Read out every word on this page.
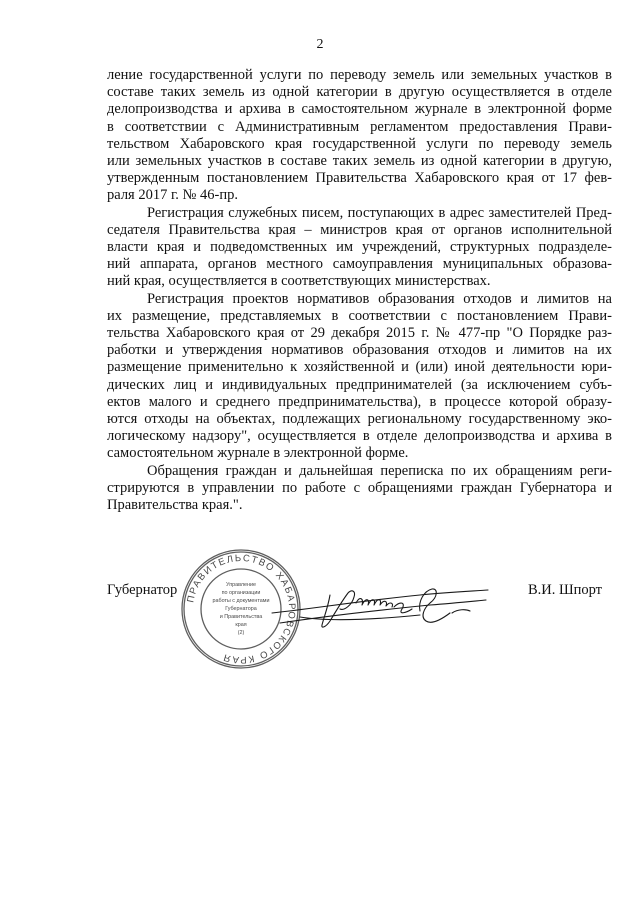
2
ление государственной услуги по переводу земель или земельных участков в
составе таких земель из одной категории в другую осуществляется в отделе
делопроизводства и архива в самостоятельном журнале в электронной форме
в соответствии с Административным регламентом предоставления Прави-
тельством Хабаровского края государственной услуги по переводу земель
или земельных участков в составе таких земель из одной категории в другую,
утвержденным постановлением Правительства Хабаровского края от 17 фев-
раля 2017 г. № 46-пр.
Регистрация служебных писем, поступающих в адрес заместителей Пред-
седателя Правительства края – министров края от органов исполнительной
власти края и подведомственных им учреждений, структурных подразделе-
ний аппарата, органов местного самоуправления муниципальных образова-
ний края, осуществляется в соответствующих министерствах.
Регистрация проектов нормативов образования отходов и лимитов на
их размещение, представляемых в соответствии с постановлением Прави-
тельства Хабаровского края от 29 декабря 2015 г. № 477-пр "О Порядке раз-
работки и утверждения нормативов образования отходов и лимитов на их
размещение применительно к хозяйственной и (или) иной деятельности юри-
дических лиц и индивидуальных предпринимателей (за исключением субъ-
ектов малого и среднего предпринимательства), в процессе которой образу-
ются отходы на объектах, подлежащих региональному государственному эко-
логическому надзору", осуществляется в отделе делопроизводства и архива в
самостоятельном журнале в электронной форме.
Обращения граждан и дальнейшая переписка по их обращениям реги-
стрируются в управлении по работе с обращениями граждан Губернатора и
Правительства края.".
Губернатор	В.И. Шпорт
ПРАВИТЕЛЬСТВО ХАБАРОВСКОГО КРАЯ
Управление
по организации
работы с документами
Губернатора
и Правительства
края
(2)
